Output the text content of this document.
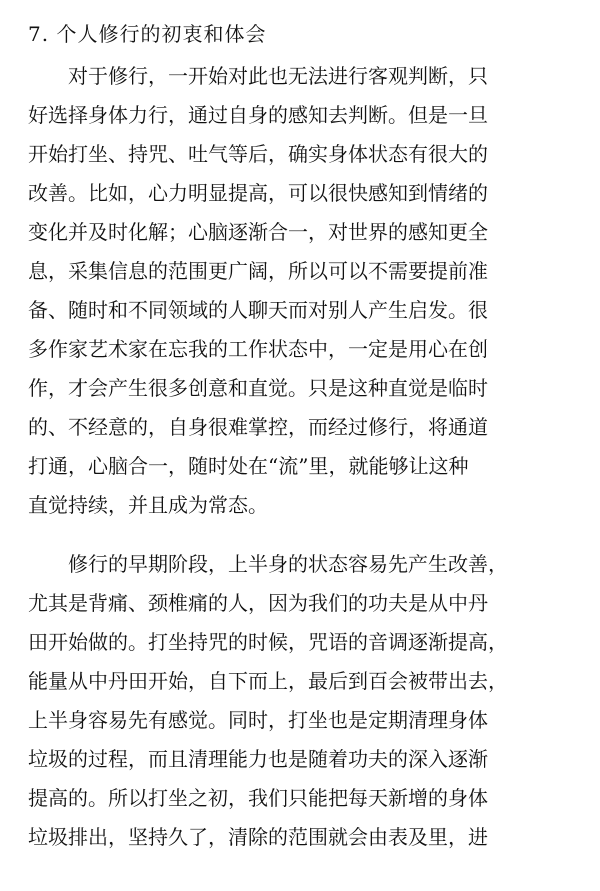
7. 个人修行的初衷和体会
　　对于修行，一开始对此也无法进行客观判断，只
好选择身体力行，通过自身的感知去判断。但是一旦
开始打坐、持咒、吐气等后，确实身体状态有很大的
改善。比如，心力明显提高，可以很快感知到情绪的
变化并及时化解；心脑逐渐合一，对世界的感知更全
息，采集信息的范围更广阔，所以可以不需要提前准
备、随时和不同领域的人聊天而对别人产生启发。很
多作家艺术家在忘我的工作状态中，一定是用心在创
作，才会产生很多创意和直觉。只是这种直觉是临时
的、不经意的，自身很难掌控，而经过修行，将通道
打通，心脑合一，随时处在“流”里，就能够让这种
直觉持续，并且成为常态。
　　修行的早期阶段，上半身的状态容易先产生改善，
尤其是背痛、颈椎痛的人，因为我们的功夫是从中丹
田开始做的。打坐持咒的时候，咒语的音调逐渐提高，
能量从中丹田开始，自下而上，最后到百会被带出去，
上半身容易先有感觉。同时，打坐也是定期清理身体
垃圾的过程，而且清理能力也是随着功夫的深入逐渐
提高的。所以打坐之初，我们只能把每天新增的身体
垃圾排出，坚持久了，清除的范围就会由表及里，进
